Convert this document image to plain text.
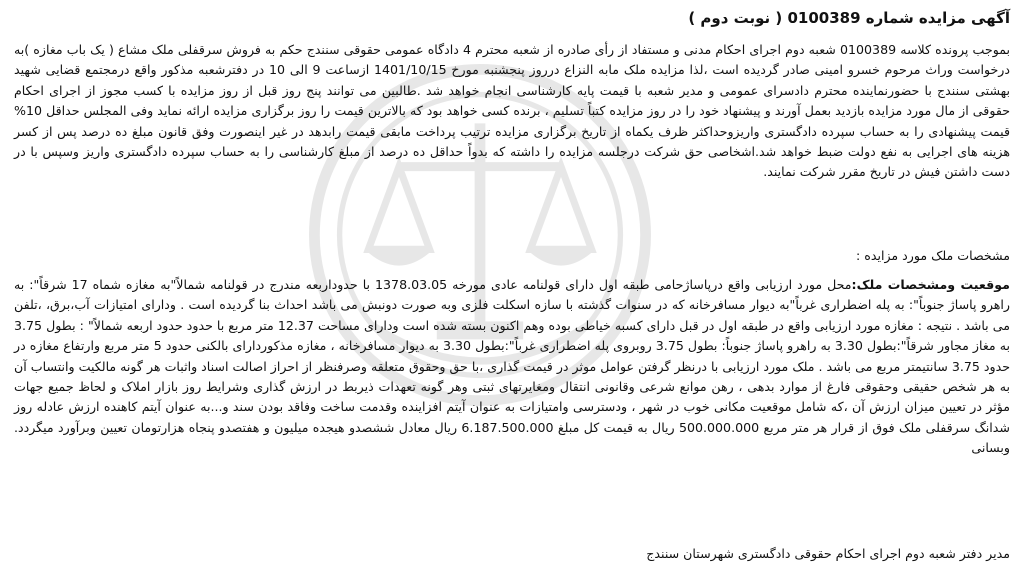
آگهی مزایده شماره 0100389 ( نوبت دوم )
بموجب پرونده کلاسه 0100389 شعبه دوم اجرای احکام مدنی و مستفاد از رأی صادره از شعبه محترم 4 دادگاه عمومی حقوقی سنندج حکم به فروش سرقفلی ملک مشاع ( یک باب مغازه )به درخواست وراث مرحوم خسرو امینی صادر گردیده است ،لذا مزایده ملک مابه النزاع درروز پنجشنبه مورخ 1401/10/15 ازساعت 9 الی 10 در دفترشعبه مذکور واقع درمجتمع قضایی شهید بهشتی سنندج با حضورنماینده محترم دادسرای عمومی و مدیر شعبه با قیمت پایه کارشناسی انجام خواهد شد .طالبین می توانند پنج روز قبل از روز مزایده با کسب مجوز از اجرای احکام حقوقی از مال مورد مزایده بازدید بعمل آورند و پیشنهاد خود را در روز مزایده کتباً تسلیم ، برنده کسی خواهد بود که بالاترین قیمت را روز برگزاری مزایده ارائه نماید وفی المجلس حداقل 10% قیمت پیشنهادی را به حساب سپرده دادگستری واریزوحداکثر ظرف یکماه از تاریخ برگزاری مزایده ترتیب پرداخت مابقی قیمت رابدهد در غیر اینصورت وفق قانون مبلغ ده درصد پس از کسر هزینه های اجرایی به نفع دولت ضبط خواهد شد.اشخاصی حق شرکت درجلسه مزایده را داشته که بدواً حداقل ده درصد از مبلغ کارشناسی را به حساب سپرده دادگستری واریز وسپس با در دست داشتن فیش در تاریخ مقرر شرکت نمایند.
مشخصات ملک مورد مزایده :
موقعیت ومشخصات ملک:محل مورد ارزیابی واقع درپاساژحامی طبقه اول دارای قولنامه عادی مورخه 1378.03.05 با حدوداربعه مندرج در قولنامه شمالاً"به مغازه شماه 17 شرقاً": به راهرو پاساژ جنوباً": به پله اضطراری غرباً"به دیوار مسافرخانه که در سنوات گذشته با سازه اسکلت فلزی وبه صورت دونبش می باشد احداث بنا گردیده است . ودارای امتیازات آب،برق، ،تلفن می باشد . نتیجه : مغازه مورد ارزیابی واقع در طبقه اول در قبل دارای کسبه خیاطی بوده وهم اکنون بسته شده است ودارای مساحت 12.37 متر مربع با حدود حدود اربعه شمالاً" : بطول 3.75 به مغاز مجاور شرقاً":بطول 3.30 به راهرو پاساژ جنوباً: بطول 3.75 روبروی پله اضطراری غرباً":بطول 3.30 به دیوار مسافرخانه ، مغازه مذکوردارای بالکنی حدود 5 متر مربع وارتفاع مغازه در حدود 3.75 سانتیمتر مربع می باشد . ملک مورد ارزیابی با درنظر گرفتن عوامل موثر در قیمت گذاری ،با حق وحقوق متعلقه وصرفنظر از احراز اصالت اسناد واثبات هر گونه مالکیت وانتساب آن به هر شخص حقیقی وحقوقی فارغ از موارد بدهی ، رهن موانع شرعی وقانونی انتقال ومغایرتهای ثبتی وهر گونه تعهدات ذیربط در ارزش گذاری وشرایط روز بازار املاک و لحاظ جمیع جهات مؤثر در تعیین میزان ارزش آن ،که شامل موقعیت مکانی خوب در شهر ، ودسترسی وامتیازات به عنوان آیتم افزاینده وقدمت ساخت وفاقد بودن سند و...به عنوان آیتم کاهنده ارزش عادله روز شدانگ سرقفلی ملک فوق از قرار هر متر مربع 500.000.000 ریال به قیمت کل مبلغ 6.187.500.000 ریال معادل ششصدو هیجده میلیون و هفتصدو پنجاه هزارتومان تعیین وبرآورد میگردد. وبسانی
مدیر دفتر شعبه دوم اجرای احکام حقوقی دادگستری شهرستان سنندج
